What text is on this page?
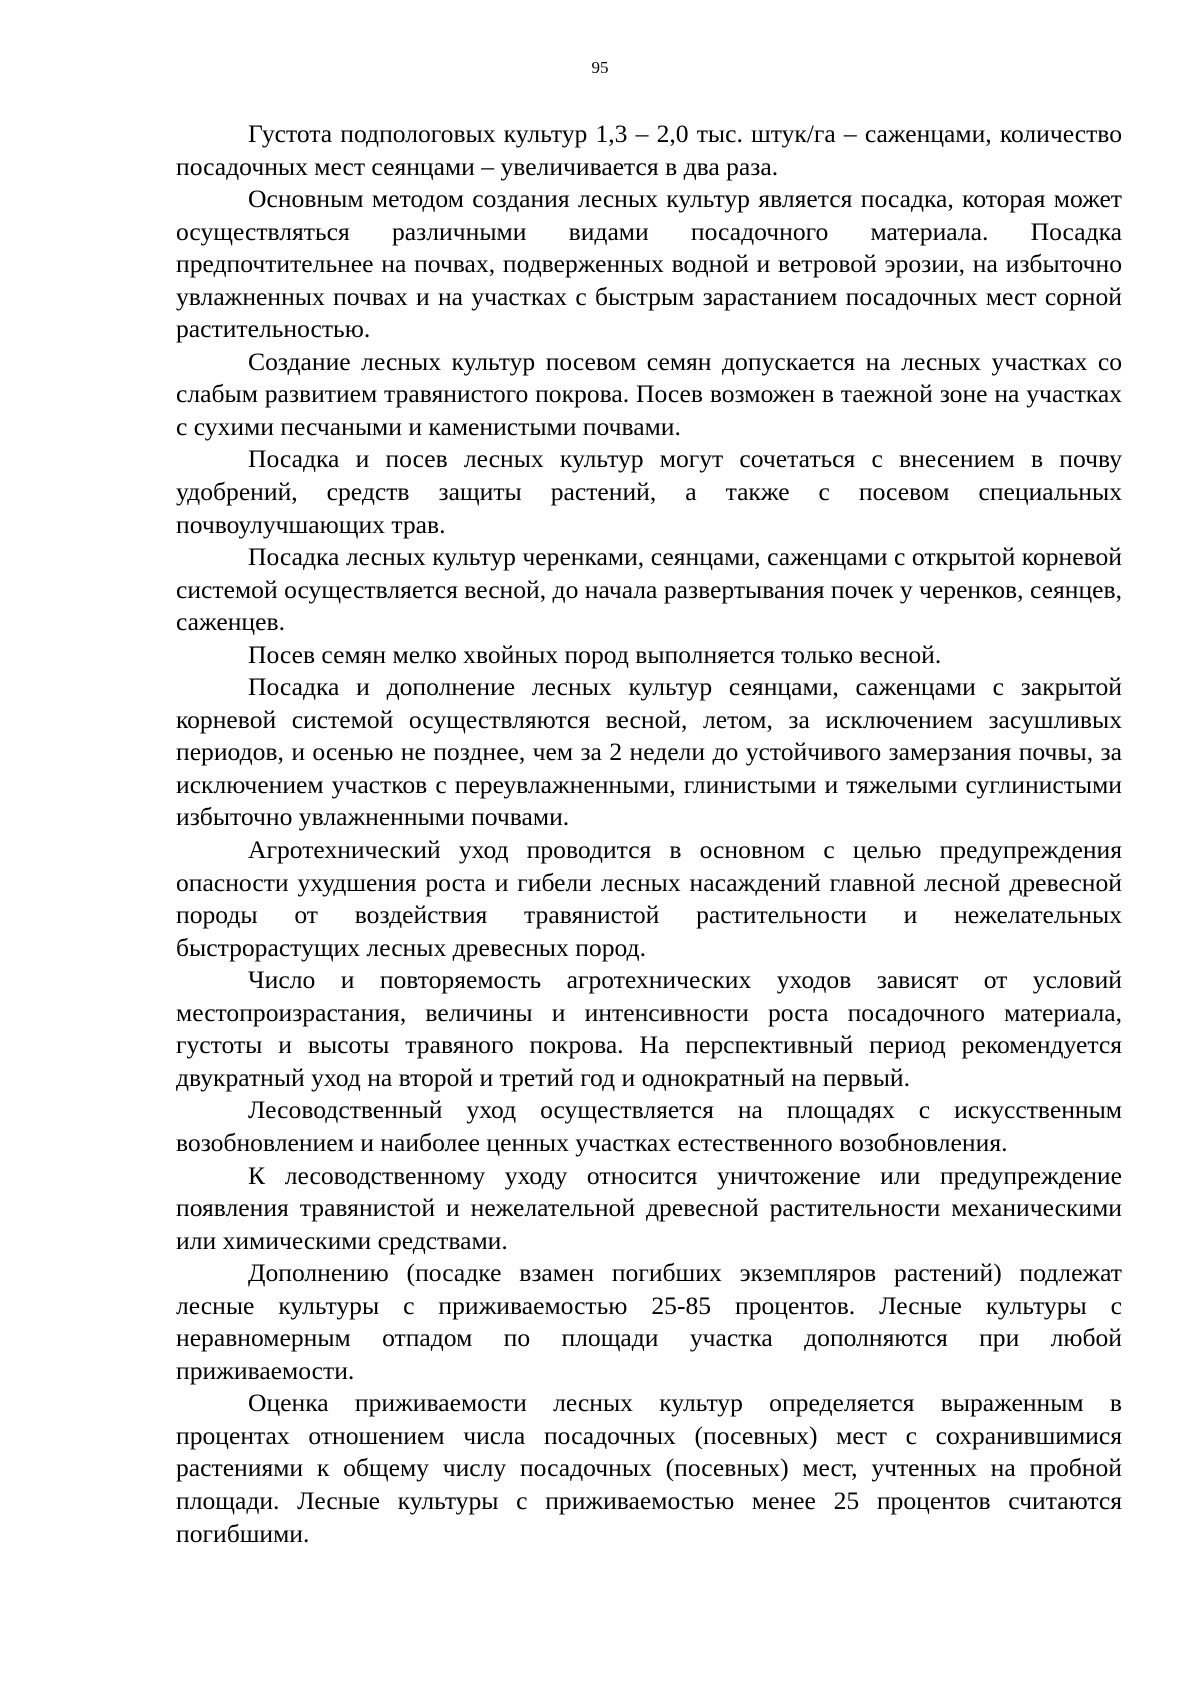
95

Густота подпологовых культур 1,3 – 2,0 тыс. штук/га – саженцами, количество посадочных мест сеянцами – увеличивается в два раза.

Основным методом создания лесных культур является посадка, которая может осуществляться различными видами посадочного материала. Посадка предпочтительнее на почвах, подверженных водной и ветровой эрозии, на избыточно увлажненных почвах и на участках с быстрым зарастанием посадочных мест сорной растительностью.

Создание лесных культур посевом семян допускается на лесных участках со слабым развитием травянистого покрова. Посев возможен в таежной зоне на участках с сухими песчаными и каменистыми почвами.

Посадка и посев лесных культур могут сочетаться с внесением в почву удобрений, средств защиты растений, а также с посевом специальных почвоулучшающих трав.

Посадка лесных культур черенками, сеянцами, саженцами с открытой корневой системой осуществляется весной, до начала развертывания почек у черенков, сеянцев, саженцев.

Посев семян мелко хвойных пород выполняется только весной.

Посадка и дополнение лесных культур сеянцами, саженцами с закрытой корневой системой осуществляются весной, летом, за исключением засушливых периодов, и осенью не позднее, чем за 2 недели до устойчивого замерзания почвы, за исключением участков с переувлажненными, глинистыми и тяжелыми суглинистыми избыточно увлажненными почвами.

Агротехнический уход проводится в основном с целью предупреждения опасности ухудшения роста и гибели лесных насаждений главной лесной древесной породы от воздействия травянистой растительности и нежелательных быстрорастущих лесных древесных пород.

Число и повторяемость агротехнических уходов зависят от условий местопроизрастания, величины и интенсивности роста посадочного материала, густоты и высоты травяного покрова. На перспективный период рекомендуется двукратный уход на второй и третий год и однократный на первый.

Лесоводственный уход осуществляется на площадях с искусственным возобновлением и наиболее ценных участках естественного возобновления.

К лесоводственному уходу относится уничтожение или предупреждение появления травянистой и нежелательной древесной растительности механическими или химическими средствами.

Дополнению (посадке взамен погибших экземпляров растений) подлежат лесные культуры с приживаемостью 25-85 процентов. Лесные культуры с неравномерным отпадом по площади участка дополняются при любой приживаемости.

Оценка приживаемости лесных культур определяется выраженным в процентах отношением числа посадочных (посевных) мест с сохранившимися растениями к общему числу посадочных (посевных) мест, учтенных на пробной площади. Лесные культуры с приживаемостью менее 25 процентов считаются погибшими.
